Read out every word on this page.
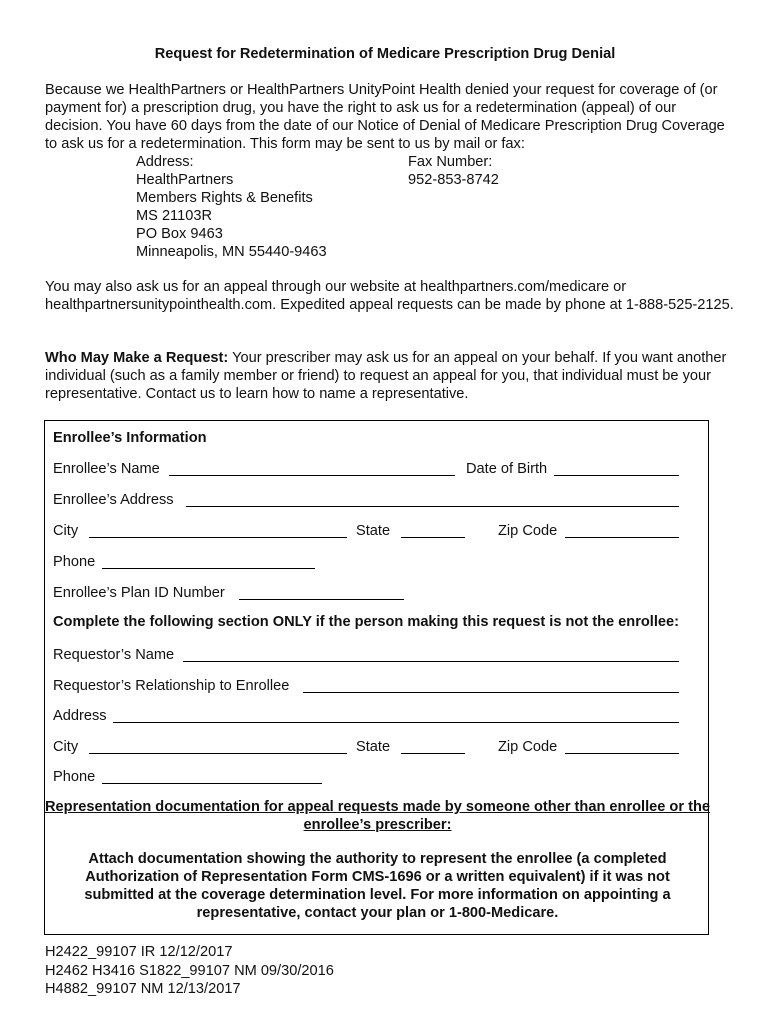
Request for Redetermination of Medicare Prescription Drug Denial

Because we HealthPartners or HealthPartners UnityPoint Health denied your request for coverage of (or payment for) a prescription drug, you have the right to ask us for a redetermination (appeal) of our decision. You have 60 days from the date of our Notice of Denial of Medicare Prescription Drug Coverage to ask us for a redetermination. This form may be sent to us by mail or fax:

Address:
HealthPartners
Members Rights & Benefits
MS 21103R
PO Box 9463
Minneapolis, MN 55440-9463
Fax Number:
952-853-8742

You may also ask us for an appeal through our website at healthpartners.com/medicare or healthpartnersunitypointhealth.com. Expedited appeal requests can be made by phone at 1-888-525-2125.

Who May Make a Request: Your prescriber may ask us for an appeal on your behalf. If you want another individual (such as a family member or friend) to request an appeal for you, that individual must be your representative. Contact us to learn how to name a representative.

Enrollee’s Information
Enrollee’s Name	Date of Birth
Enrollee’s Address
City	State	Zip Code
Phone
Enrollee’s Plan ID Number
Complete the following section ONLY if the person making this request is not the enrollee:
Requestor’s Name
Requestor’s Relationship to Enrollee
Address
City	State	Zip Code
Phone
Representation documentation for appeal requests made by someone other than enrollee or the enrollee’s prescriber:
Attach documentation showing the authority to represent the enrollee (a completed Authorization of Representation Form CMS-1696 or a written equivalent) if it was not submitted at the coverage determination level. For more information on appointing a representative, contact your plan or 1-800-Medicare.
H2422_99107 IR 12/12/2017
H2462 H3416 S1822_99107 NM 09/30/2016
H4882_99107 NM 12/13/2017
